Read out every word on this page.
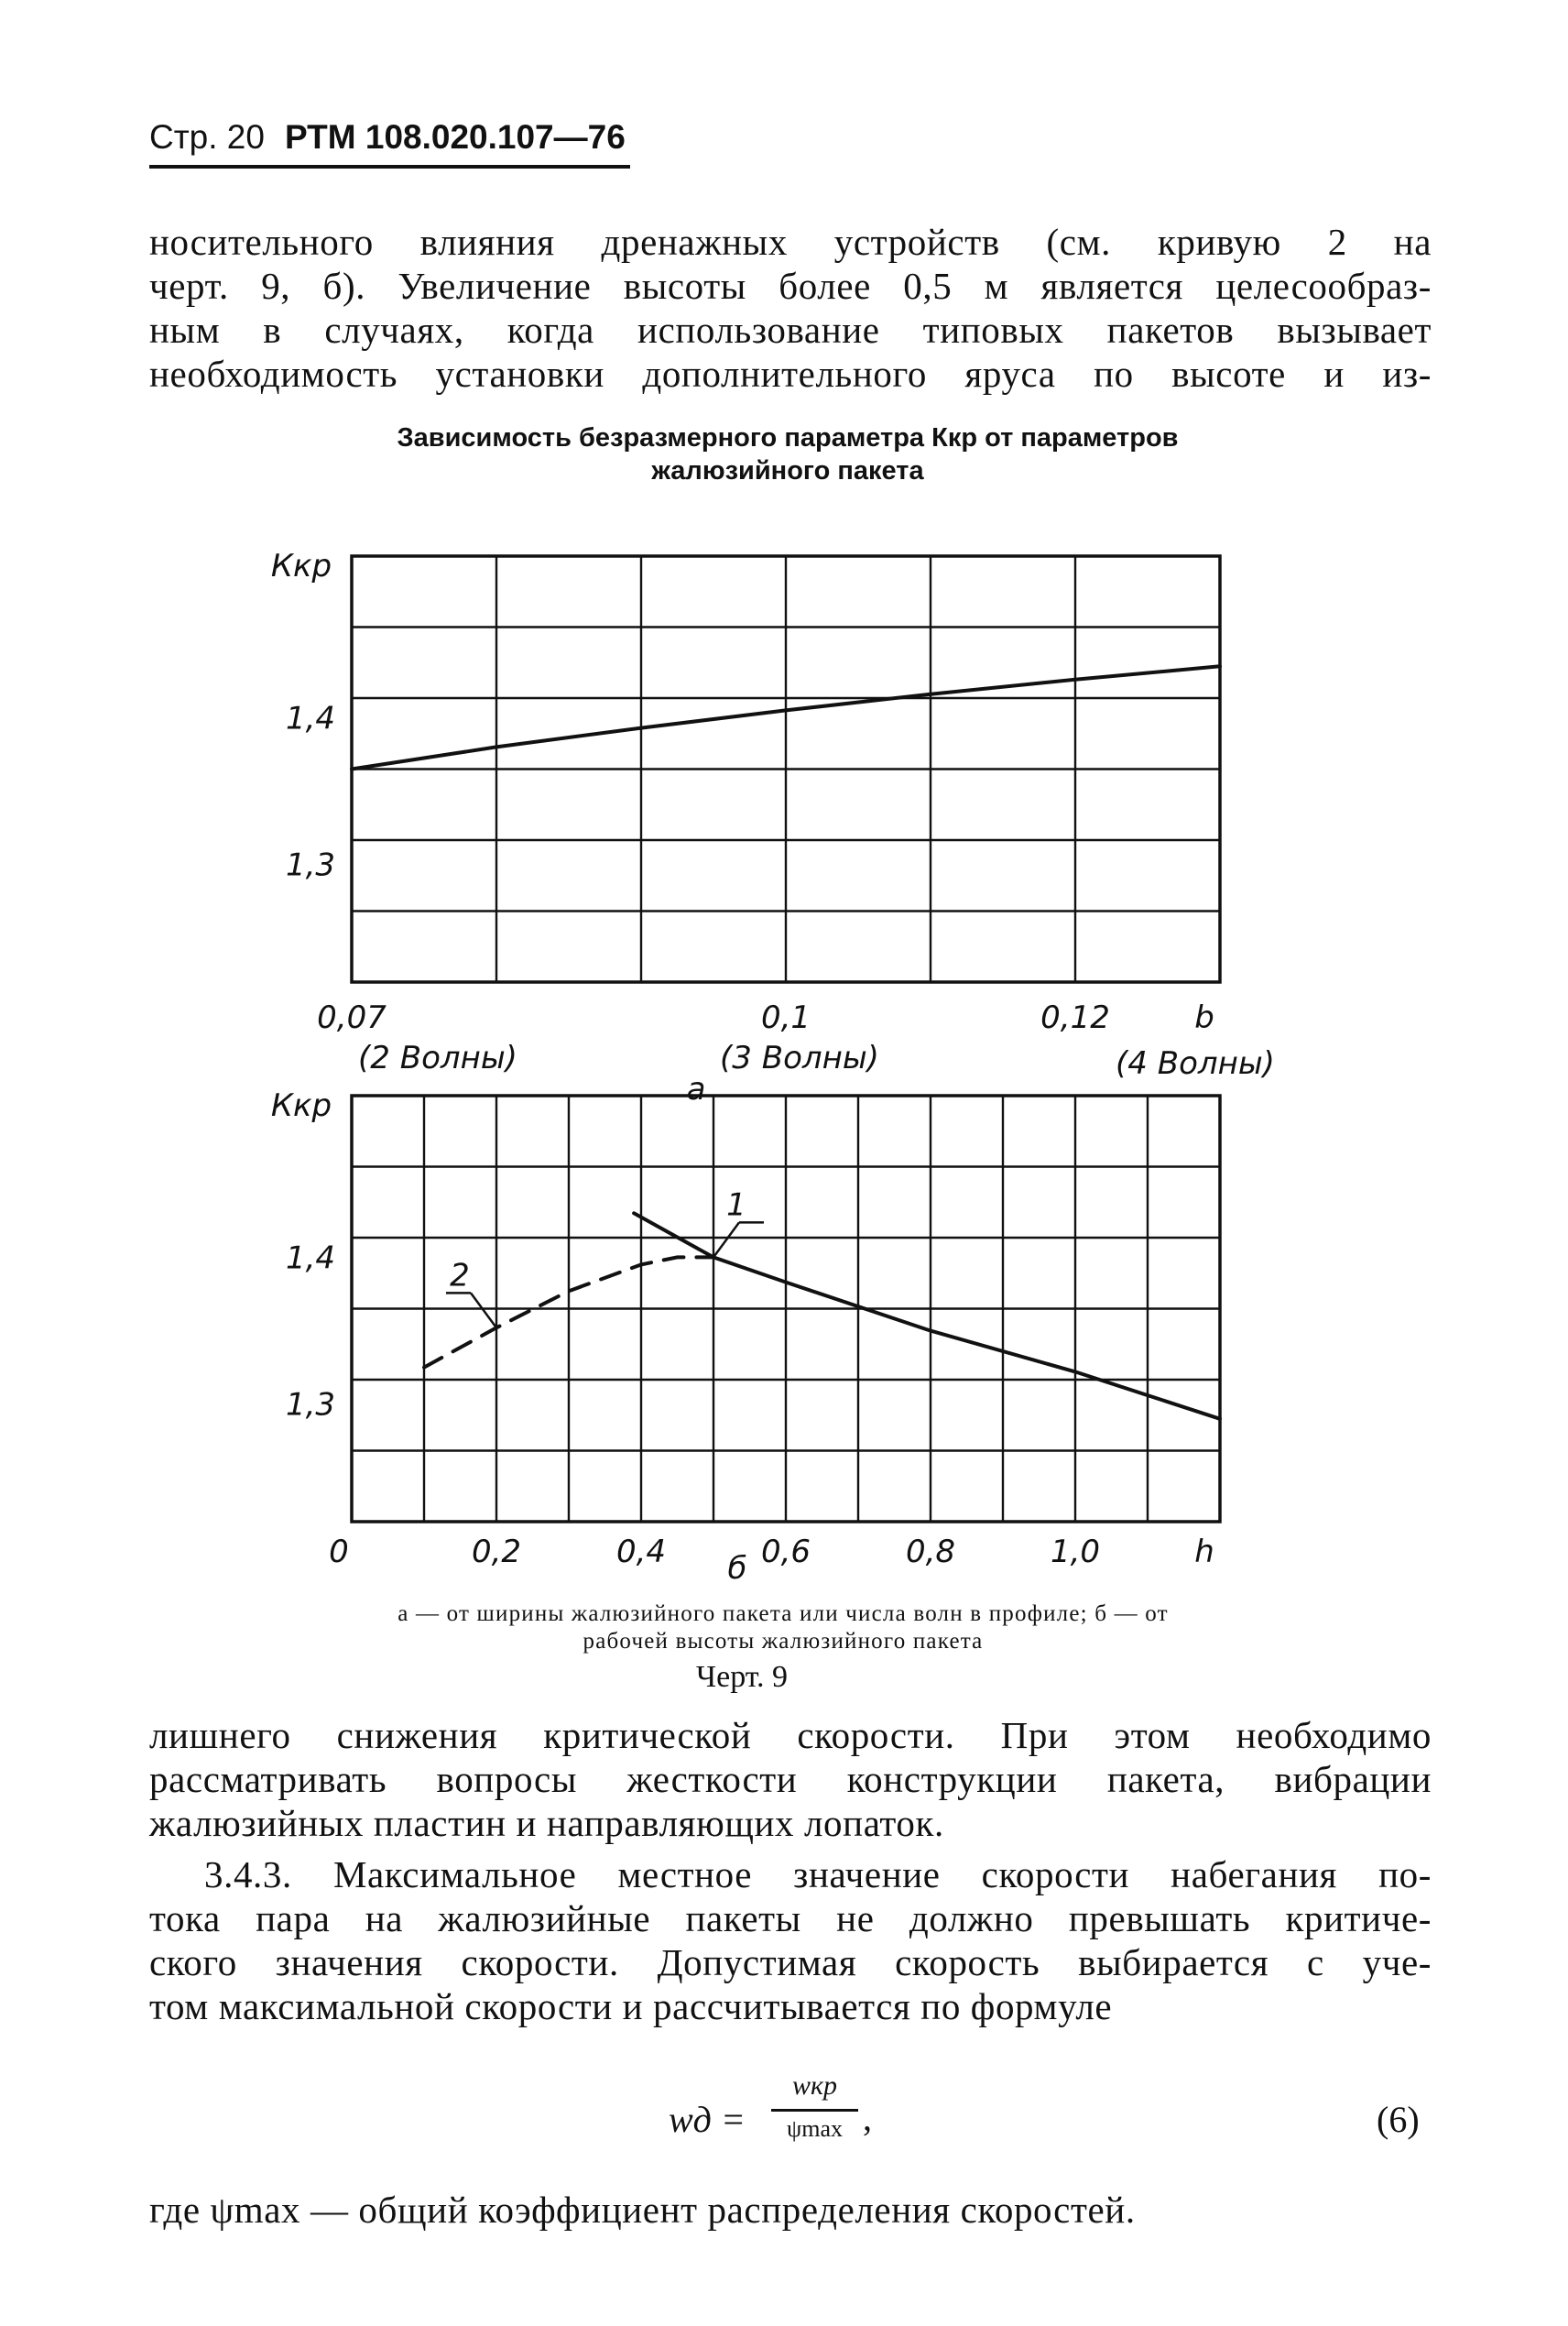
Стр. 20 РТМ 108.020.107—76
носительного влияния дренажных устройств (см. кривую 2 на
черт. 9, б). Увеличение высоты более 0,5 м является целесообраз-
ным в случаях, когда использование типовых пакетов вызывает
необходимость установки дополнительного яруса по высоте и из-
Зависимость безразмерного параметра Ккр от параметров
жалюзийного пакета
Ккр
1,4
1,3
0,07	0,1	0,12	b
(2 Волны)	(3 Волны)	(4 Волны)
а
Ккр
1,4
1,3
0	0,2	0,4	0,6	0,8	1,0	h
б
1
2
а — от ширины жалюзийного пакета или числа волн в профиле; б — от
рабочей высоты жалюзийного пакета
Черт. 9
лишнего снижения критической скорости. При этом необходимо
рассматривать вопросы жесткости конструкции пакета, вибрации
жалюзийных пластин и направляющих лопаток.
3.4.3. Максимальное местное значение скорости набегания по-
тока пара на жалюзийные пакеты не должно превышать критиче-
ского значения скорости. Допустимая скорость выбирается с уче-
том максимальной скорости и рассчитывается по формуле
wд =
wкр
ψmax ,	(6)
где ψmax — общий коэффициент распределения скоростей.
